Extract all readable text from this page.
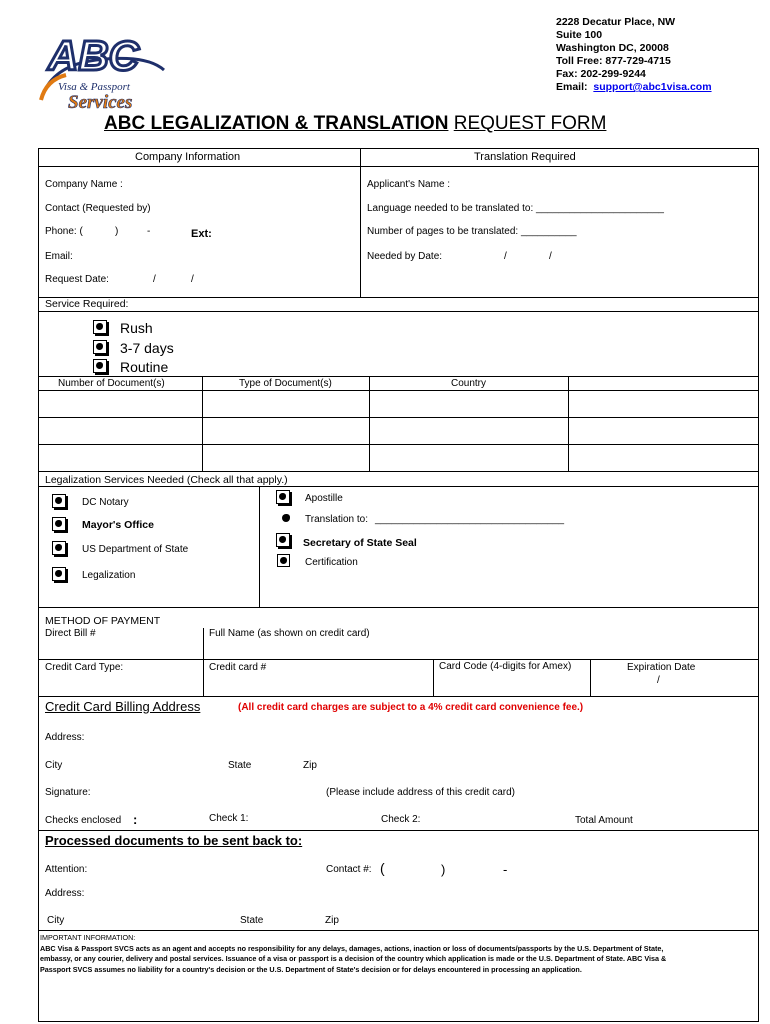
ABC
Visa & Passport
Services
2228 Decatur Place, NW
Suite 100
Washington DC, 20008
Toll Free: 877-729-4715
Fax: 202-299-9244
Email: support@abc1visa.com
ABC LEGALIZATION & TRANSLATION REQUEST FORM
Company Information	Translation Required
Company Name :
Contact (Requested by)
Phone: (	)	-	Ext:
Email:
Request Date:	/	/
Applicant's Name :
Language needed to be translated to: _______________________
Number of pages to be translated: __________
Needed by Date:	/	/
Service Required:
Rush
3-7 days
Routine
Number of Document(s)	Type of Document(s)	Country
Legalization Services Needed (Check all that apply.)
DC Notary
Mayor's Office
US Department of State
Legalization
Apostille
Translation to: __________________________________
Secretary of State Seal
Certification
METHOD OF PAYMENT
Direct Bill #	Full Name (as shown on credit card)
Credit Card Type:	Credit card #	Card Code (4-digits for Amex)	Expiration Date
/
Credit Card Billing Address	(All credit card charges are subject to a 4% credit card convenience fee.)
Address:
City	State	Zip
Signature:	(Please include address of this credit card)
Checks enclosed :	Check 1:	Check 2:	Total Amount
Processed documents to be sent back to:
Attention:	Contact #: (	)	-
Address:
City	State	Zip
IMPORTANT INFORMATION:
ABC Visa & Passport SVCS acts as an agent and accepts no responsibility for any delays, damages, actions, inaction or loss of documents/passports by the U.S. Department of State,
embassy, or any courier, delivery and postal services. Issuance of a visa or passport is a decision of the country which application is made or the U.S. Department of State. ABC Visa &
Passport SVCS assumes no liability for a country's decision or the U.S. Department of State's decision or for delays encountered in processing an application.
